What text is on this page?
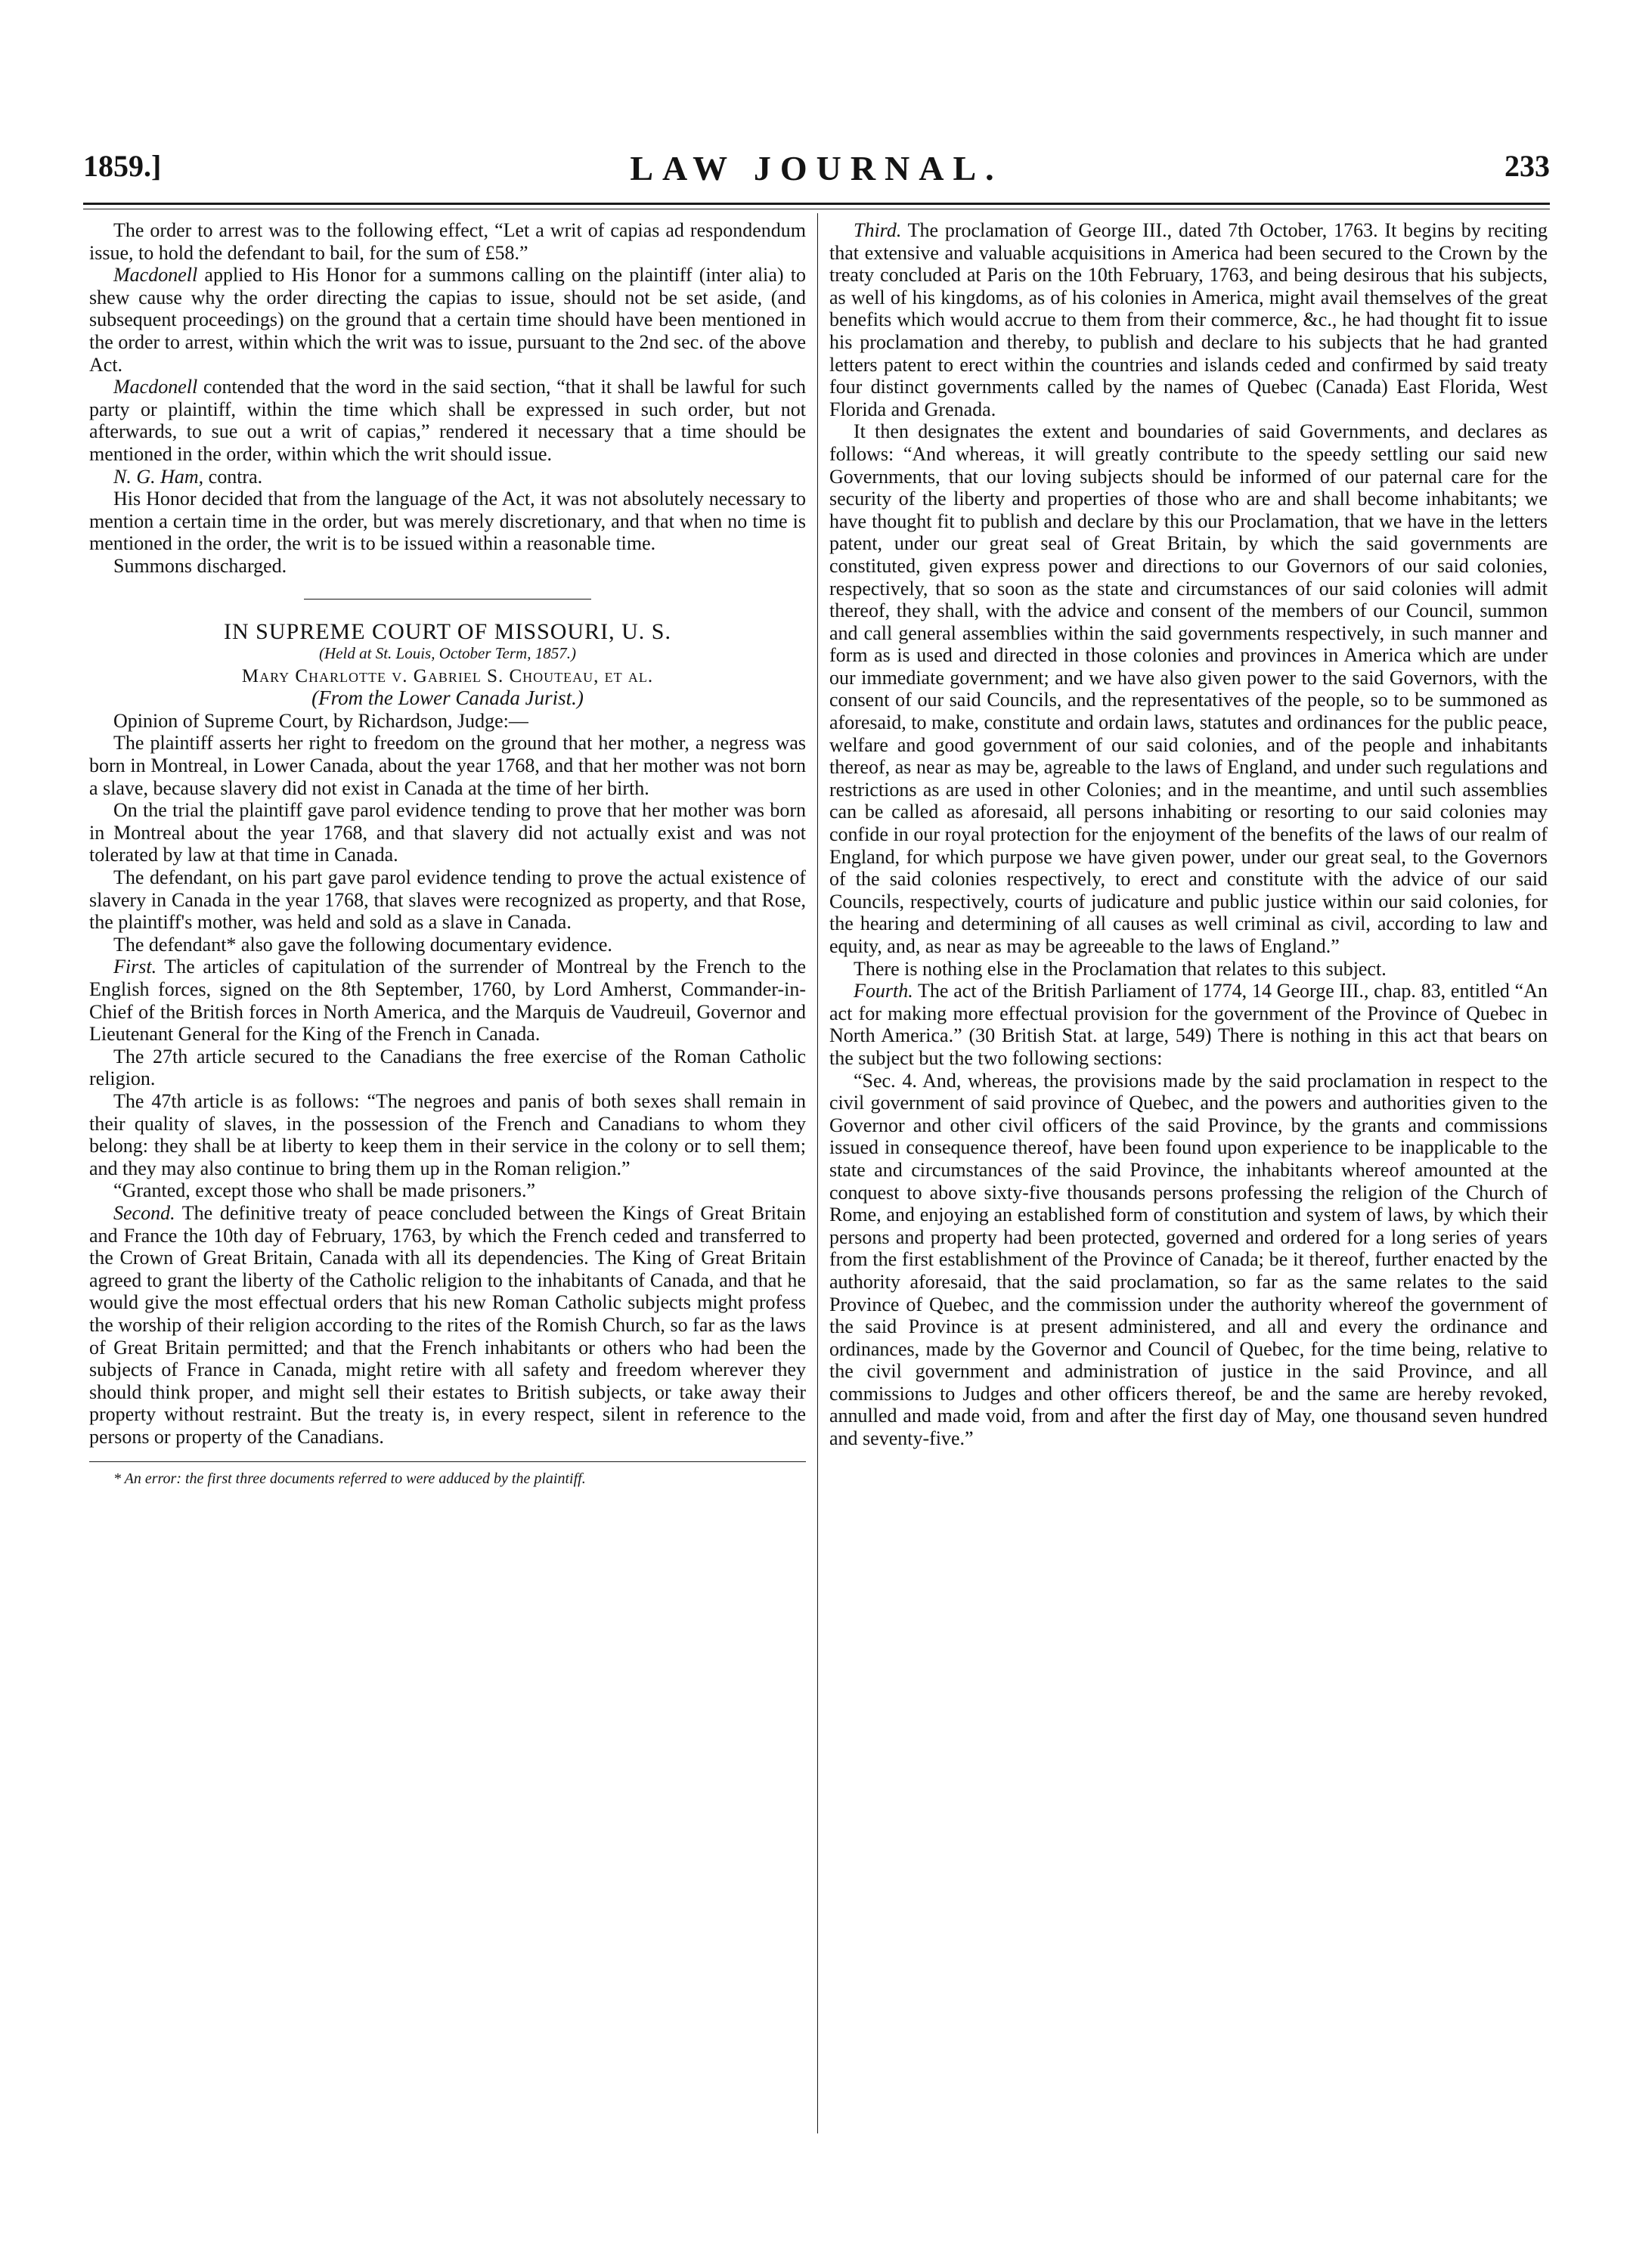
1859.]	LAW JOURNAL.	233

The order to arrest was to the following effect, “Let a writ of capias ad respondendum issue, to hold the defendant to bail, for the sum of £58.”

Macdonell applied to His Honor for a summons calling on the plaintiff (inter alia) to shew cause why the order directing the capias to issue, should not be set aside, (and subsequent proceedings) on the ground that a certain time should have been mentioned in the order to arrest, within which the writ was to issue, pursuant to the 2nd sec. of the above Act.

Macdonell contended that the word in the said section, “that it shall be lawful for such party or plaintiff, within the time which shall be expressed in such order, but not afterwards, to sue out a writ of capias,” rendered it necessary that a time should be mentioned in the order, within which the writ should issue.

N. G. Ham, contra.

His Honor decided that from the language of the Act, it was not absolutely necessary to mention a certain time in the order, but was merely discretionary, and that when no time is mentioned in the order, the writ is to be issued within a reasonable time.

Summons discharged.

IN SUPREME COURT OF MISSOURI, U. S.

(Held at St. Louis, October Term, 1857.)

Mary Charlotte v. Gabriel S. Chouteau, et al.

(From the Lower Canada Jurist.)

Opinion of Supreme Court, by Richardson, Judge:—

The plaintiff asserts her right to freedom on the ground that her mother, a negress was born in Montreal, in Lower Canada, about the year 1768, and that her mother was not born a slave, because slavery did not exist in Canada at the time of her birth.

On the trial the plaintiff gave parol evidence tending to prove that her mother was born in Montreal about the year 1768, and that slavery did not actually exist and was not tolerated by law at that time in Canada.

The defendant, on his part gave parol evidence tending to prove the actual existence of slavery in Canada in the year 1768, that slaves were recognized as property, and that Rose, the plaintiff's mother, was held and sold as a slave in Canada.

The defendant* also gave the following documentary evidence.

First. The articles of capitulation of the surrender of Montreal by the French to the English forces, signed on the 8th September, 1760, by Lord Amherst, Commander-in-Chief of the British forces in North America, and the Marquis de Vaudreuil, Governor and Lieutenant General for the King of the French in Canada.

The 27th article secured to the Canadians the free exercise of the Roman Catholic religion.

The 47th article is as follows: “The negroes and panis of both sexes shall remain in their quality of slaves, in the possession of the French and Canadians to whom they belong: they shall be at liberty to keep them in their service in the colony or to sell them; and they may also continue to bring them up in the Roman religion.”

“Granted, except those who shall be made prisoners.”

Second. The definitive treaty of peace concluded between the Kings of Great Britain and France the 10th day of February, 1763, by which the French ceded and transferred to the Crown of Great Britain, Canada with all its dependencies. The King of Great Britain agreed to grant the liberty of the Catholic religion to the inhabitants of Canada, and that he would give the most effectual orders that his new Roman Catholic subjects might profess the worship of their religion according to the rites of the Romish Church, so far as the laws of Great Britain permitted; and that the French inhabitants or others who had been the subjects of France in Canada, might retire with all safety and freedom wherever they should think proper, and might sell their estates to British subjects, or take away their property without restraint. But the treaty is, in every respect, silent in reference to the persons or property of the Canadians.

* An error: the first three documents referred to were adduced by the plaintiff.

Third. The proclamation of George III., dated 7th October, 1763. It begins by reciting that extensive and valuable acquisitions in America had been secured to the Crown by the treaty concluded at Paris on the 10th February, 1763, and being desirous that his subjects, as well of his kingdoms, as of his colonies in America, might avail themselves of the great benefits which would accrue to them from their commerce, &c., he had thought fit to issue his proclamation and thereby, to publish and declare to his subjects that he had granted letters patent to erect within the countries and islands ceded and confirmed by said treaty four distinct governments called by the names of Quebec (Canada) East Florida, West Florida and Grenada.

It then designates the extent and boundaries of said Governments, and declares as follows: “And whereas, it will greatly contribute to the speedy settling our said new Governments, that our loving subjects should be informed of our paternal care for the security of the liberty and properties of those who are and shall become inhabitants; we have thought fit to publish and declare by this our Proclamation, that we have in the letters patent, under our great seal of Great Britain, by which the said governments are constituted, given express power and directions to our Governors of our said colonies, respectively, that so soon as the state and circumstances of our said colonies will admit thereof, they shall, with the advice and consent of the members of our Council, summon and call general assemblies within the said governments respectively, in such manner and form as is used and directed in those colonies and provinces in America which are under our immediate government; and we have also given power to the said Governors, with the consent of our said Councils, and the representatives of the people, so to be summoned as aforesaid, to make, constitute and ordain laws, statutes and ordinances for the public peace, welfare and good government of our said colonies, and of the people and inhabitants thereof, as near as may be, agreable to the laws of England, and under such regulations and restrictions as are used in other Colonies; and in the meantime, and until such assemblies can be called as aforesaid, all persons inhabiting or resorting to our said colonies may confide in our royal protection for the enjoyment of the benefits of the laws of our realm of England, for which purpose we have given power, under our great seal, to the Governors of the said colonies respectively, to erect and constitute with the advice of our said Councils, respectively, courts of judicature and public justice within our said colonies, for the hearing and determining of all causes as well criminal as civil, according to law and equity, and, as near as may be agreeable to the laws of England.”

There is nothing else in the Proclamation that relates to this subject.

Fourth. The act of the British Parliament of 1774, 14 George III., chap. 83, entitled “An act for making more effectual provision for the government of the Province of Quebec in North America.” (30 British Stat. at large, 549) There is nothing in this act that bears on the subject but the two following sections:

“Sec. 4. And, whereas, the provisions made by the said proclamation in respect to the civil government of said province of Quebec, and the powers and authorities given to the Governor and other civil officers of the said Province, by the grants and commissions issued in consequence thereof, have been found upon experience to be inapplicable to the state and circumstances of the said Province, the inhabitants whereof amounted at the conquest to above sixty-five thousands persons professing the religion of the Church of Rome, and enjoying an established form of constitution and system of laws, by which their persons and property had been protected, governed and ordered for a long series of years from the first establishment of the Province of Canada; be it thereof, further enacted by the authority aforesaid, that the said proclamation, so far as the same relates to the said Province of Quebec, and the commission under the authority whereof the government of the said Province is at present administered, and all and every the ordinance and ordinances, made by the Governor and Council of Quebec, for the time being, relative to the civil government and administration of justice in the said Province, and all commissions to Judges and other officers thereof, be and the same are hereby revoked, annulled and made void, from and after the first day of May, one thousand seven hundred and seventy-five.”
